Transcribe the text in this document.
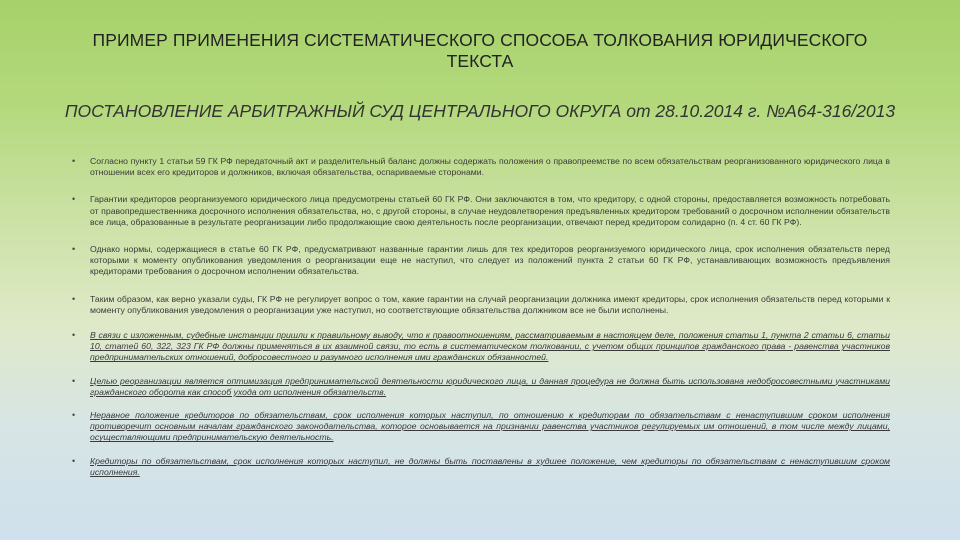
ПРИМЕР ПРИМЕНЕНИЯ СИСТЕМАТИЧЕСКОГО СПОСОБА ТОЛКОВАНИЯ ЮРИДИЧЕСКОГО ТЕКСТА
ПОСТАНОВЛЕНИЕ АРБИТРАЖНЫЙ СУД ЦЕНТРАЛЬНОГО ОКРУГА от 28.10.2014 г. №А64-316/2013
• Согласно пункту 1 статьи 59 ГК РФ передаточный акт и разделительный баланс должны содержать положения о правопреемстве по всем обязательствам реорганизованного юридического лица в отношении всех его кредиторов и должников, включая обязательства, оспариваемые сторонами.
• Гарантии кредиторов реорганизуемого юридического лица предусмотрены статьей 60 ГК РФ. Они заключаются в том, что кредитору, с одной стороны, предоставляется возможность потребовать от правопредшественника досрочного исполнения обязательства, но, с другой стороны, в случае неудовлетворения предъявленных кредитором требований о досрочном исполнении обязательств все лица, образованные в результате реорганизации либо продолжающие свою деятельность после реорганизации, отвечают перед кредитором солидарно (п. 4 ст. 60 ГК РФ).
• Однако нормы, содержащиеся в статье 60 ГК РФ, предусматривают названные гарантии лишь для тех кредиторов реорганизуемого юридического лица, срок исполнения обязательств перед которыми к моменту опубликования уведомления о реорганизации еще не наступил, что следует из положений пункта 2 статьи 60 ГК РФ, устанавливающих возможность предъявления кредиторами требования о досрочном исполнении обязательства.
• Таким образом, как верно указали суды, ГК РФ не регулирует вопрос о том, какие гарантии на случай реорганизации должника имеют кредиторы, срок исполнения обязательств перед которыми к моменту опубликования уведомления о реорганизации уже наступил, но соответствующие обязательства должником все не были исполнены.
• В связи с изложенным, судебные инстанции пришли к правильному выводу, что к правоотношениям, рассматриваемым в настоящем деле, положения статьи 1, пункта 2 статьи 6, статьи 10, статей 60, 322, 323 ГК РФ должны применяться в их взаимной связи, то есть в систематическом толковании, с учетом общих принципов гражданского права - равенства участников предпринимательских отношений, добросовестного и разумного исполнения ими гражданских обязанностей.
• Целью реорганизации является оптимизация предпринимательской деятельности юридического лица, и данная процедура не должна быть использована недобросовестными участниками гражданского оборота как способ ухода от исполнения обязательств.
• Неравное положение кредиторов по обязательствам, срок исполнения которых наступил, по отношению к кредиторам по обязательствам с ненаступившим сроком исполнения противоречит основным началам гражданского законодательства, которое основывается на признании равенства участников регулируемых им отношений, в том числе между лицами, осуществляющими предпринимательскую деятельность.
• Кредиторы по обязательствам, срок исполнения которых наступил, не должны быть поставлены в худшее положение, чем кредиторы по обязательствам с ненаступившим сроком исполнения.
